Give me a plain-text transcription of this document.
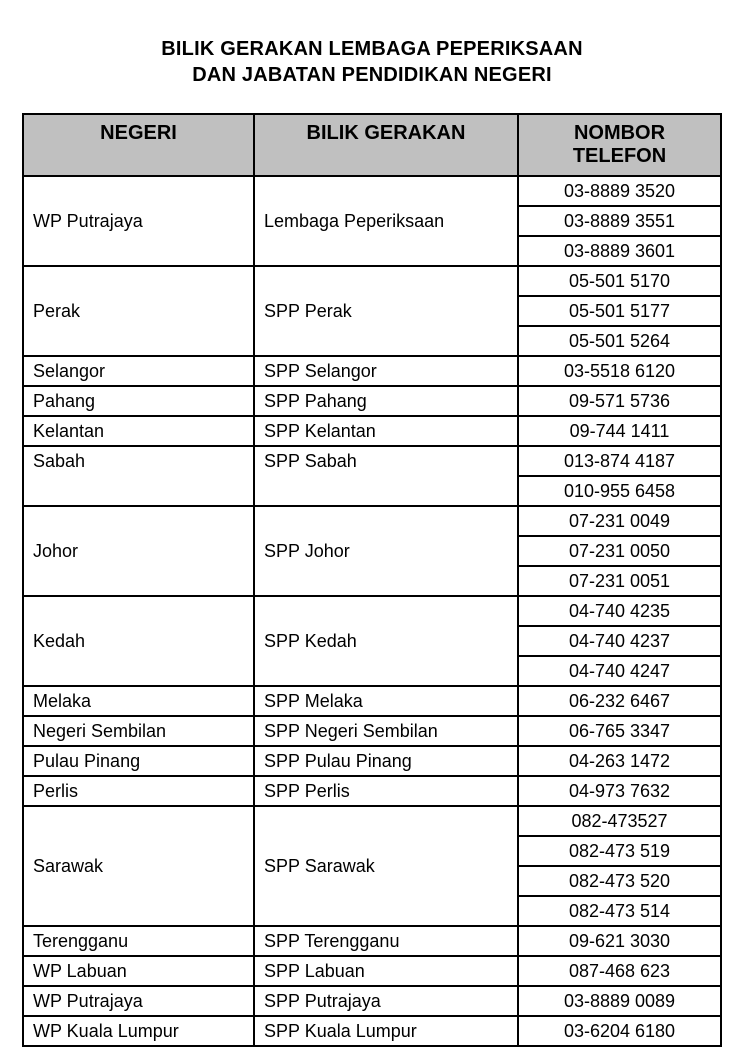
BILIK GERAKAN LEMBAGA PEPERIKSAAN
DAN JABATAN PENDIDIKAN NEGERI
NEGERI	BILIK GERAKAN	NOMBOR TELEFON
WP Putrajaya	Lembaga Peperiksaan	03-8889 3520
		03-8889 3551
		03-8889 3601
Perak	SPP Perak	05-501 5170
		05-501 5177
		05-501 5264
Selangor	SPP Selangor	03-5518 6120
Pahang	SPP Pahang	09-571 5736
Kelantan	SPP Kelantan	09-744 1411
Sabah	SPP Sabah	013-874 4187
		010-955 6458
Johor	SPP Johor	07-231 0049
		07-231 0050
		07-231 0051
Kedah	SPP Kedah	04-740 4235
		04-740 4237
		04-740 4247
Melaka	SPP Melaka	06-232 6467
Negeri Sembilan	SPP Negeri Sembilan	06-765 3347
Pulau Pinang	SPP Pulau Pinang	04-263 1472
Perlis	SPP Perlis	04-973 7632
Sarawak	SPP Sarawak	082-473527
		082-473 519
		082-473 520
		082-473 514
Terengganu	SPP Terengganu	09-621 3030
WP Labuan	SPP Labuan	087-468 623
WP Putrajaya	SPP Putrajaya	03-8889 0089
WP Kuala Lumpur	SPP Kuala Lumpur	03-6204 6180
